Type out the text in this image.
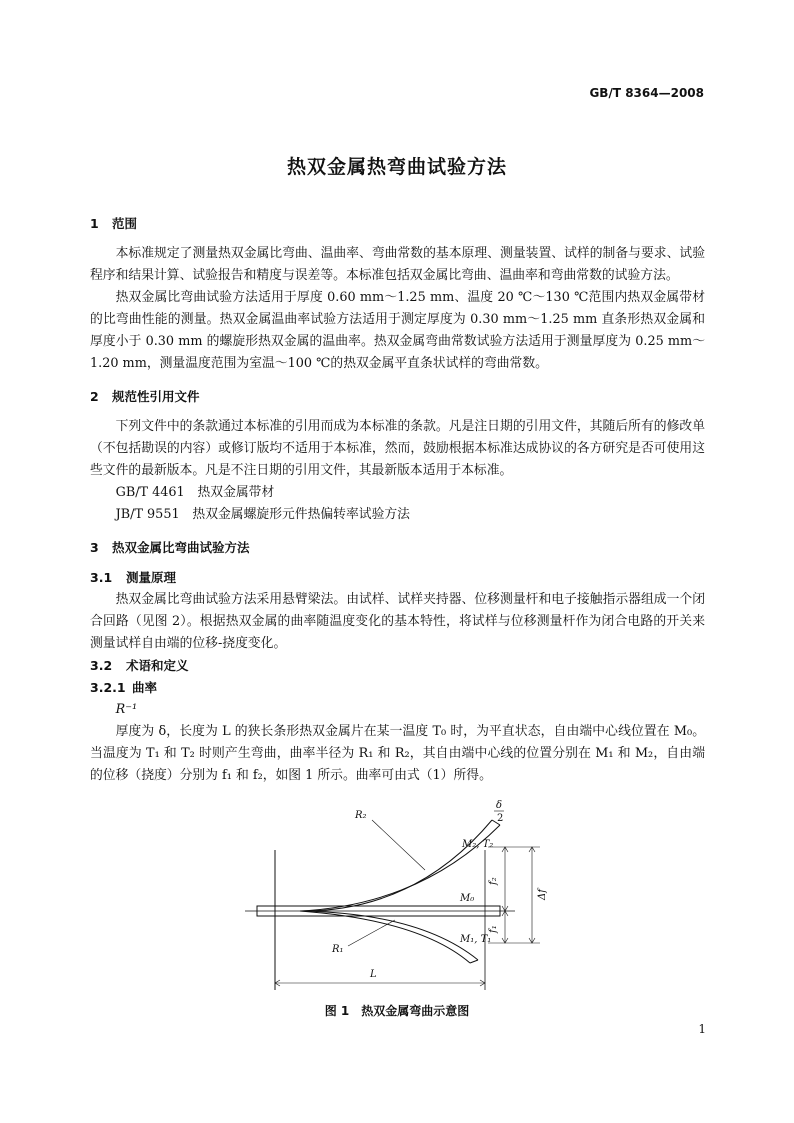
GB/T 8364—2008
热双金属热弯曲试验方法
1 范围

本标准规定了测量热双金属比弯曲、温曲率、弯曲常数的基本原理、测量装置、试样的制备与要求、试验程序和结果计算、试验报告和精度与误差等。本标准包括双金属比弯曲、温曲率和弯曲常数的试验方法。

热双金属比弯曲试验方法适用于厚度 0.60 mm～1.25 mm、温度 20 ℃～130 ℃范围内热双金属带材的比弯曲性能的测量。热双金属温曲率试验方法适用于测定厚度为 0.30 mm～1.25 mm 直条形热双金属和厚度小于 0.30 mm 的螺旋形热双金属的温曲率。热双金属弯曲常数试验方法适用于测量厚度为 0.25 mm～1.20 mm，测量温度范围为室温～100 ℃的热双金属平直条状试样的弯曲常数。

2 规范性引用文件

下列文件中的条款通过本标准的引用而成为本标准的条款。凡是注日期的引用文件，其随后所有的修改单（不包括勘误的内容）或修订版均不适用于本标准，然而，鼓励根据本标准达成协议的各方研究是否可使用这些文件的最新版本。凡是不注日期的引用文件，其最新版本适用于本标准。

GB/T 4461　热双金属带材

JB/T 9551　热双金属螺旋形元件热偏转率试验方法

3 热双金属比弯曲试验方法
3.1 测量原理

热双金属比弯曲试验方法采用悬臂梁法。由试样、试样夹持器、位移测量杆和电子接触指示器组成一个闭合回路（见图 2）。根据热双金属的曲率随温度变化的基本特性，将试样与位移测量杆作为闭合电路的开关来测量试样自由端的位移-挠度变化。

3.2 术语和定义
3.2.1 曲率

R⁻¹

厚度为 δ，长度为 L 的狭长条形热双金属片在某一温度 T₀ 时，为平直状态，自由端中心线位置在 M₀。当温度为 T₁ 和 T₂ 时则产生弯曲，曲率半径为 R₁ 和 R₂，其自由端中心线的位置分别在 M₁ 和 M₂，自由端的位移（挠度）分别为 f₁ 和 f₂，如图 1 所示。曲率可由式（1）所得。

R₂
R₁
δ
2
M₂, T₂
M₀
M₁, T₁
f₂
f₁
Δf
L
图 1　热双金属弯曲示意图
1
